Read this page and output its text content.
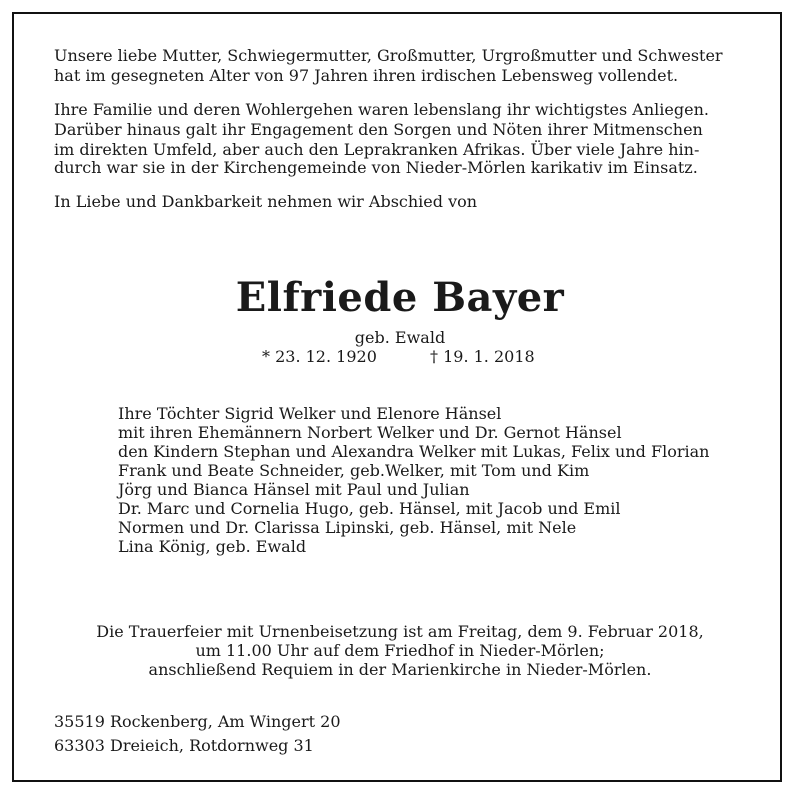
Unsere liebe Mutter, Schwiegermutter, Großmutter, Urgroßmutter und Schwester
hat im gesegneten Alter von 97 Jahren ihren irdischen Lebensweg vollendet.
Ihre Familie und deren Wohlergehen waren lebenslang ihr wichtigstes Anliegen.
Darüber hinaus galt ihr Engagement den Sorgen und Nöten ihrer Mitmenschen
im direkten Umfeld, aber auch den Leprakranken Afrikas. Über viele Jahre hin-
durch war sie in der Kirchengemeinde von Nieder-Mörlen karikativ im Einsatz.
In Liebe und Dankbarkeit nehmen wir Abschied von
Elfriede Bayer
geb. Ewald
* 23. 12. 1920	† 19. 1. 2018
Ihre Töchter Sigrid Welker und Elenore Hänsel
mit ihren Ehemännern Norbert Welker und Dr. Gernot Hänsel
den Kindern Stephan und Alexandra Welker mit Lukas, Felix und Florian
Frank und Beate Schneider, geb.Welker, mit Tom und Kim
Jörg und Bianca Hänsel mit Paul und Julian
Dr. Marc und Cornelia Hugo, geb. Hänsel, mit Jacob und Emil
Normen und Dr. Clarissa Lipinski, geb. Hänsel, mit Nele
Lina König, geb. Ewald
Die Trauerfeier mit Urnenbeisetzung ist am Freitag, dem 9. Februar 2018,
um 11.00 Uhr auf dem Friedhof in Nieder-Mörlen;
anschließend Requiem in der Marienkirche in Nieder-Mörlen.
35519 Rockenberg, Am Wingert 20
63303 Dreieich, Rotdornweg 31
